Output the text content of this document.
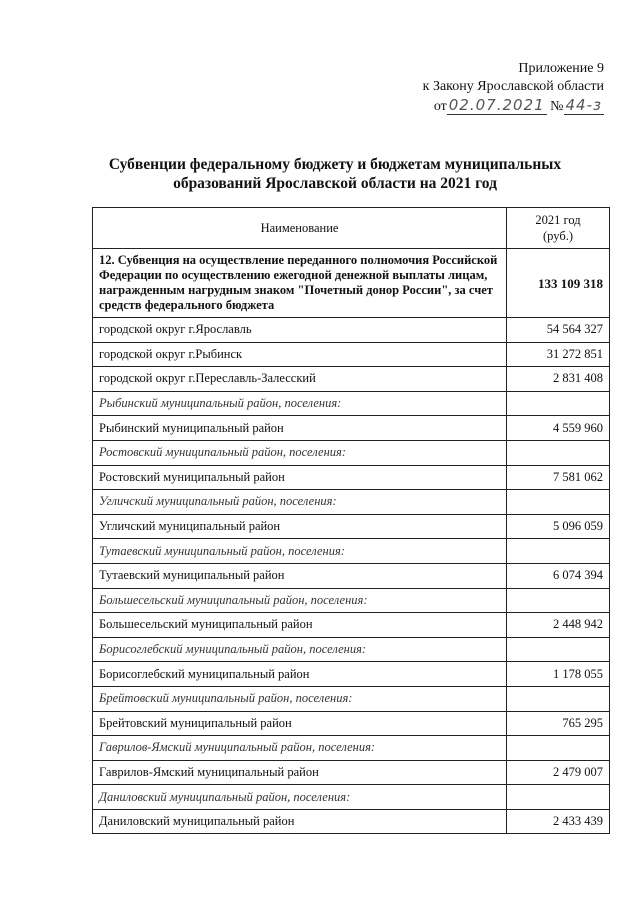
Приложение 9
к Закону Ярославской области
от 02.07.2021 № 44-з
Субвенции федеральному бюджету и бюджетам муниципальных
образований Ярославской области на 2021 год
Наименование	2021 год
(руб.)

12. Субвенция на осуществление переданного полномочия Российской Федерации по осуществлению ежегодной денежной выплаты лицам, награжденным нагрудным знаком "Почетный донор России", за счет средств федерального бюджета	133 109 318
городской округ г.Ярославль	54 564 327
городской округ г.Рыбинск	31 272 851
городской округ г.Переславль-Залесский	2 831 408
Рыбинский муниципальный район, поселения:	
Рыбинский муниципальный район	4 559 960
Ростовский муниципальный район, поселения:	
Ростовский муниципальный район	7 581 062
Угличский муниципальный район, поселения:	
Угличский муниципальный район	5 096 059
Тутаевский муниципальный район, поселения:	
Тутаевский муниципальный район	6 074 394
Большесельский муниципальный район, поселения:	
Большесельский муниципальный район	2 448 942
Борисоглебский муниципальный район, поселения:	
Борисоглебский муниципальный район	1 178 055
Брейтовский муниципальный район, поселения:	
Брейтовский муниципальный район	765 295
Гаврилов-Ямский муниципальный район, поселения:	
Гаврилов-Ямский муниципальный район	2 479 007
Даниловский муниципальный район, поселения:	
Даниловский муниципальный район	2 433 439
